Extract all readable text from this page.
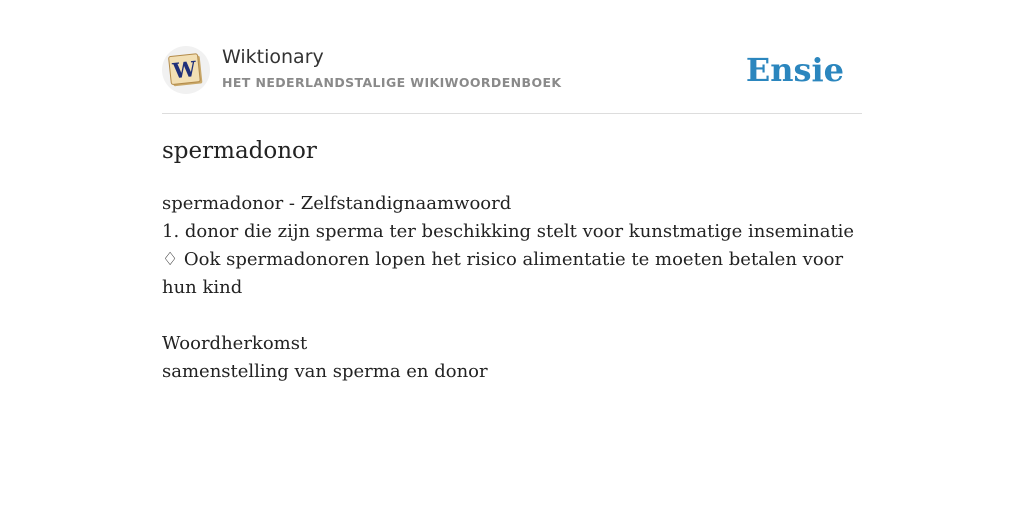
W Wiktionary
HET NEDERLANDSTALIGE WIKIWOORDENBOEK	Ensie
spermadonor
spermadonor - Zelfstandignaamwoord
1. donor die zijn sperma ter beschikking stelt voor kunstmatige inseminatie
♢ Ook spermadonoren lopen het risico alimentatie te moeten betalen voor hun kind
Woordherkomst
samenstelling van sperma en donor
